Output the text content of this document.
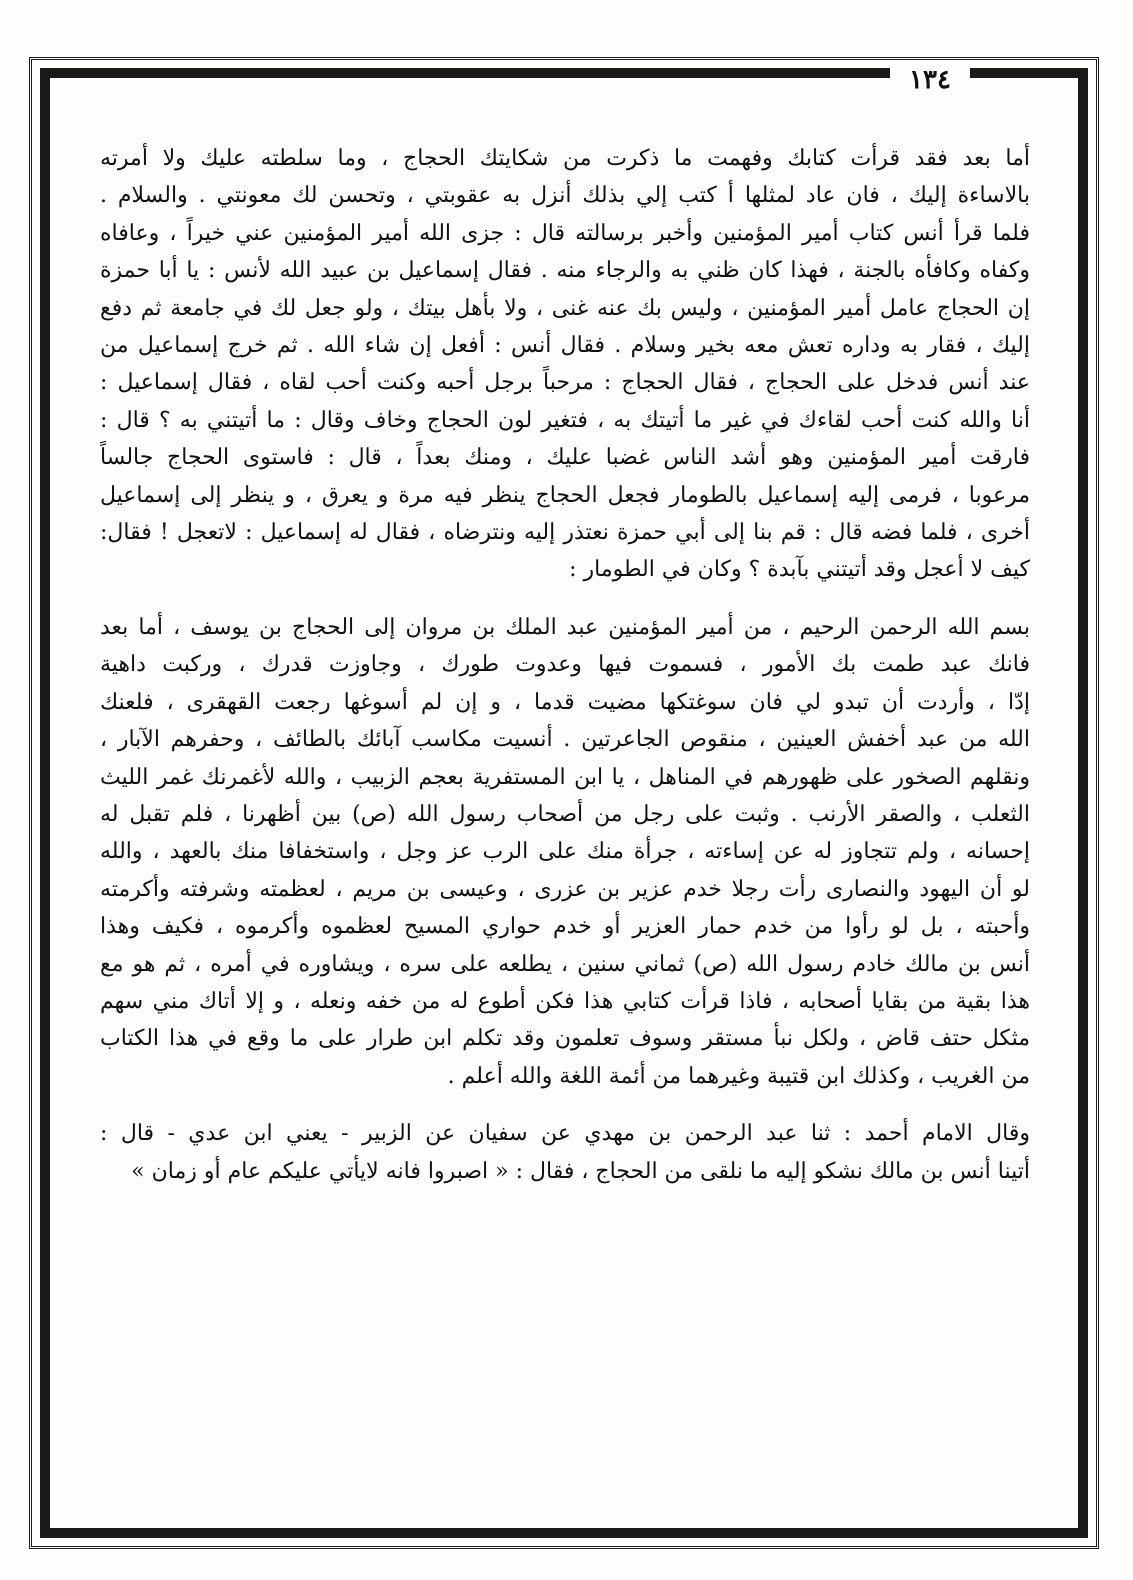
١٣٤
أما بعد فقد قرأت كتابك وفهمت ما ذكرت من شكايتك الحجاج ، وما سلطته عليك ولا أمرته
بالاساءة إليك ، فان عاد لمثلها أ كتب إلي بذلك أنزل به عقوبتي ، وتحسن لك معونتي . والسلام .
فلما قرأ أنس كتاب أمير المؤمنين وأخبر برسالته قال : جزى الله أمير المؤمنين عني خيراً ، وعافاه
وكفاه وكافأه بالجنة ، فهذا كان ظني به والرجاء منه . فقال إسماعيل بن عبيد الله لأنس : يا أبا حمزة
إن الحجاج عامل أمير المؤمنين ، وليس بك عنه غنى ، ولا بأهل بيتك ، ولو جعل لك في جامعة ثم دفع
إليك ، فقار به وداره تعش معه بخير وسلام . فقال أنس : أفعل إن شاء الله . ثم خرج إسماعيل من
عند أنس فدخل على الحجاج ، فقال الحجاج : مرحباً برجل أحبه وكنت أحب لقاه ، فقال إسماعيل :
أنا والله كنت أحب لقاءك في غير ما أتيتك به ، فتغير لون الحجاج وخاف وقال : ما أتيتني به ؟ قال :
فارقت أمير المؤمنين وهو أشد الناس غضبا عليك ، ومنك بعداً ، قال : فاستوى الحجاج جالساً
مرعوبا ، فرمى إليه إسماعيل بالطومار فجعل الحجاج ينظر فيه مرة و يعرق ، و ينظر إلى إسماعيل
أخرى ، فلما فضه قال : قم بنا إلى أبي حمزة نعتذر إليه ونترضاه ، فقال له إسماعيل : لاتعجل ! فقال:
كيف لا أعجل وقد أتيتني بآبدة ؟ وكان في الطومار :
بسم الله الرحمن الرحيم ، من أمير المؤمنين عبد الملك بن مروان إلى الحجاج بن يوسف ، أما بعد
فانك عبد طمت بك الأمور ، فسموت فيها وعدوت طورك ، وجاوزت قدرك ، وركبت داهية
إدّا ، وأردت أن تبدو لي فان سوغتكها مضيت قدما ، و إن لم أسوغها رجعت القهقرى ، فلعنك
الله من عبد أخفش العينين ، منقوص الجاعرتين . أنسيت مكاسب آبائك بالطائف ، وحفرهم الآبار ،
ونقلهم الصخور على ظهورهم في المناهل ، يا ابن المستفرية بعجم الزبيب ، والله لأغمرنك غمر الليث
الثعلب ، والصقر الأرنب . وثبت على رجل من أصحاب رسول الله (ص) بين أظهرنا ، فلم تقبل له
إحسانه ، ولم تتجاوز له عن إساءته ، جرأة منك على الرب عز وجل ، واستخفافا منك بالعهد ، والله
لو أن اليهود والنصارى رأت رجلا خدم عزير بن عزرى ، وعيسى بن مريم ، لعظمته وشرفته وأكرمته
وأحبته ، بل لو رأوا من خدم حمار العزير أو خدم حواري المسيح لعظموه وأكرموه ، فكيف وهذا
أنس بن مالك خادم رسول الله (ص) ثماني سنين ، يطلعه على سره ، ويشاوره في أمره ، ثم هو مع
هذا بقية من بقايا أصحابه ، فاذا قرأت كتابي هذا فكن أطوع له من خفه ونعله ، و إلا أتاك مني سهم
مثكل حتف قاض ، ولكل نبأ مستقر وسوف تعلمون وقد تكلم ابن طرار على ما وقع في هذا الكتاب
من الغريب ، وكذلك ابن قتيبة وغيرهما من أئمة اللغة والله أعلم .
وقال الامام أحمد : ثنا عبد الرحمن بن مهدي عن سفيان عن الزبير - يعني ابن عدي - قال :
أتينا أنس بن مالك نشكو إليه ما نلقى من الحجاج ، فقال : « اصبروا فانه لايأتي عليكم عام أو زمان »
